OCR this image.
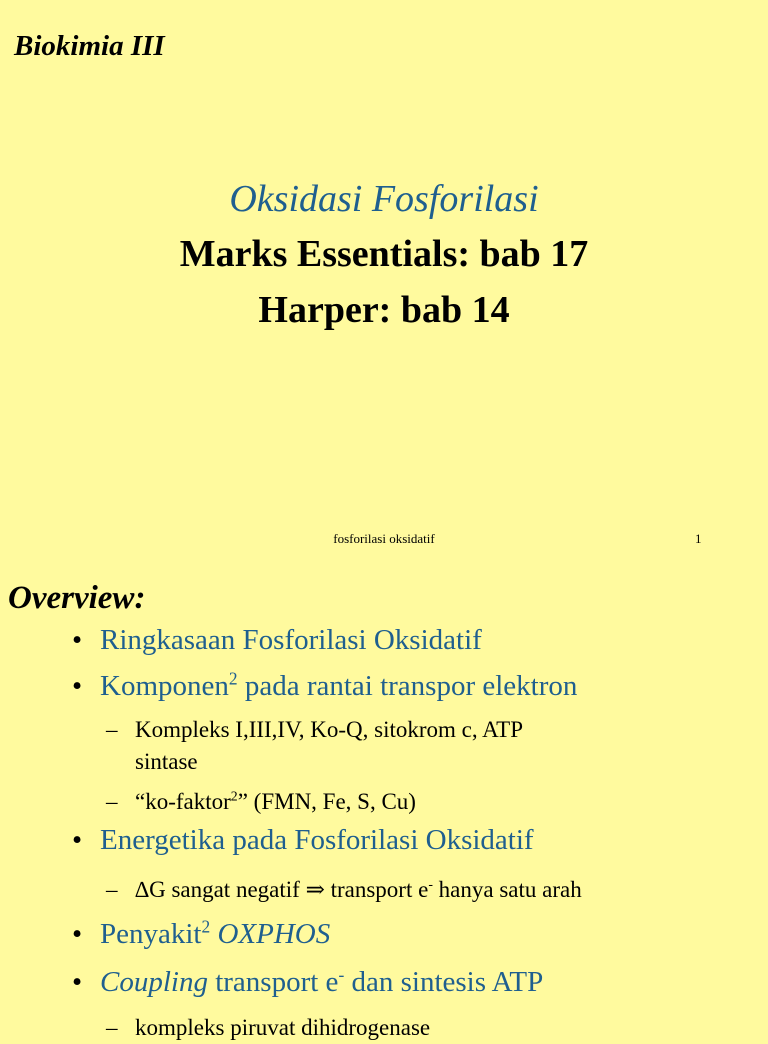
Biokimia III
Oksidasi Fosforilasi
Marks Essentials: bab 17
Harper: bab 14
fosforilasi oksidatif	1
Overview:
• Ringkasaan Fosforilasi Oksidatif
• Komponen$^2$ pada rantai transpor elektron
– Kompleks I,III,IV, Ko-Q, sitokrom c, ATP
sintase
– “ko-faktor$^2$” (FMN, Fe, S, Cu)
• Energetika pada Fosforilasi Oksidatif
– ∆G sangat negatif ⇒ transport e- hanya satu arah
• Penyakit$^2$ OXPHOS
• Coupling transport e- dan sintesis ATP
– kompleks piruvat dihidrogenase
